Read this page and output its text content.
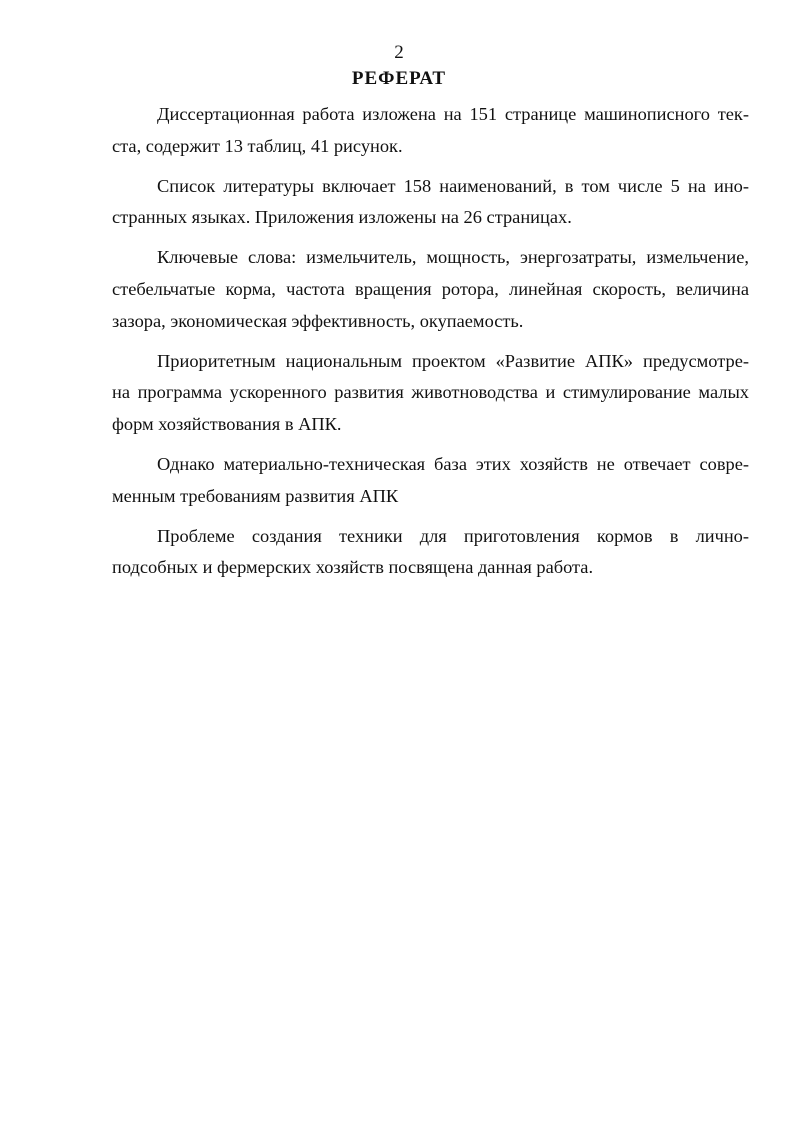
2
РЕФЕРАТ

Диссертационная работа изложена на 151 странице машинописного тек-
ста, содержит 13 таблиц, 41 рисунок.

Список литературы включает 158 наименований, в том числе 5 на ино-
странных языках. Приложения изложены на 26 страницах.

Ключевые слова: измельчитель, мощность, энергозатраты, измельчение,
стебельчатые корма, частота вращения ротора, линейная скорость, величина
зазора, экономическая эффективность, окупаемость.

Приоритетным национальным проектом «Развитие АПК» предусмотре-
на программа ускоренного развития животноводства и стимулирование малых
форм хозяйствования в АПК.

Однако материально-техническая база этих хозяйств не отвечает совре-
менным требованиям развития АПК

Проблеме создания техники для приготовления кормов в лично-
подсобных и фермерских хозяйств посвящена данная работа.
